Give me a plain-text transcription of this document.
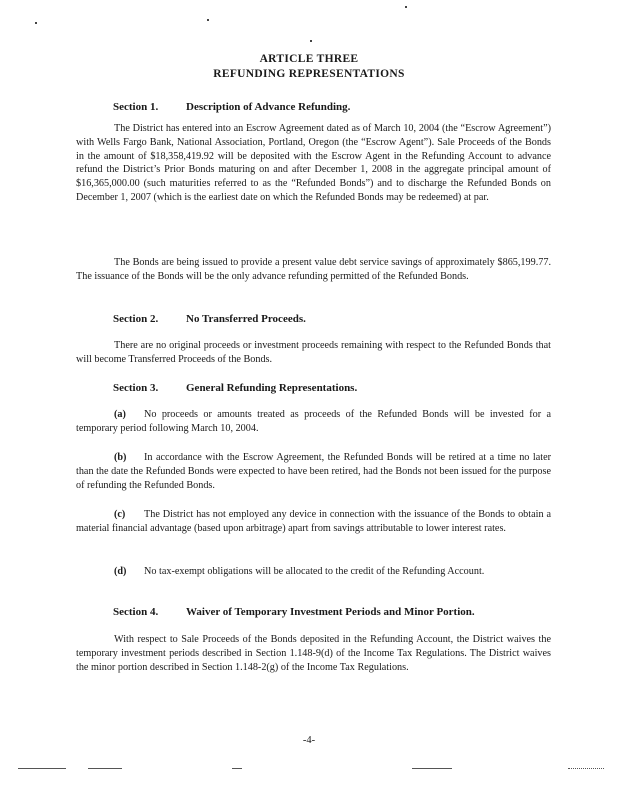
ARTICLE THREE
REFUNDING REPRESENTATIONS
Section 1.	Description of Advance Refunding.

The District has entered into an Escrow Agreement dated as of March 10, 2004 (the “Escrow Agreement”) with Wells Fargo Bank, National Association, Portland, Oregon (the “Escrow Agent”). Sale Proceeds of the Bonds in the amount of $18,358,419.92 will be deposited with the Escrow Agent in the Refunding Account to advance refund the District’s Prior Bonds maturing on and after December 1, 2008 in the aggregate principal amount of $16,365,000.00 (such maturities referred to as the “Refunded Bonds”) and to discharge the Refunded Bonds on December 1, 2007 (which is the earliest date on which the Refunded Bonds may be redeemed) at par.

The Bonds are being issued to provide a present value debt service savings of approximately $865,199.77. The issuance of the Bonds will be the only advance refunding permitted of the Refunded Bonds.

Section 2.	No Transferred Proceeds.

There are no original proceeds or investment proceeds remaining with respect to the Refunded Bonds that will become Transferred Proceeds of the Bonds.

Section 3.	General Refunding Representations.

(a) No proceeds or amounts treated as proceeds of the Refunded Bonds will be invested for a temporary period following March 10, 2004.

(b) In accordance with the Escrow Agreement, the Refunded Bonds will be retired at a time no later than the date the Refunded Bonds were expected to have been retired, had the Bonds not been issued for the purpose of refunding the Refunded Bonds.

(c) The District has not employed any device in connection with the issuance of the Bonds to obtain a material financial advantage (based upon arbitrage) apart from savings attributable to lower interest rates.

(d) No tax-exempt obligations will be allocated to the credit of the Refunding Account.

Section 4.	Waiver of Temporary Investment Periods and Minor Portion.

With respect to Sale Proceeds of the Bonds deposited in the Refunding Account, the District waives the temporary investment periods described in Section 1.148-9(d) of the Income Tax Regulations. The District waives the minor portion described in Section 1.148-2(g) of the Income Tax Regulations.

-4-
